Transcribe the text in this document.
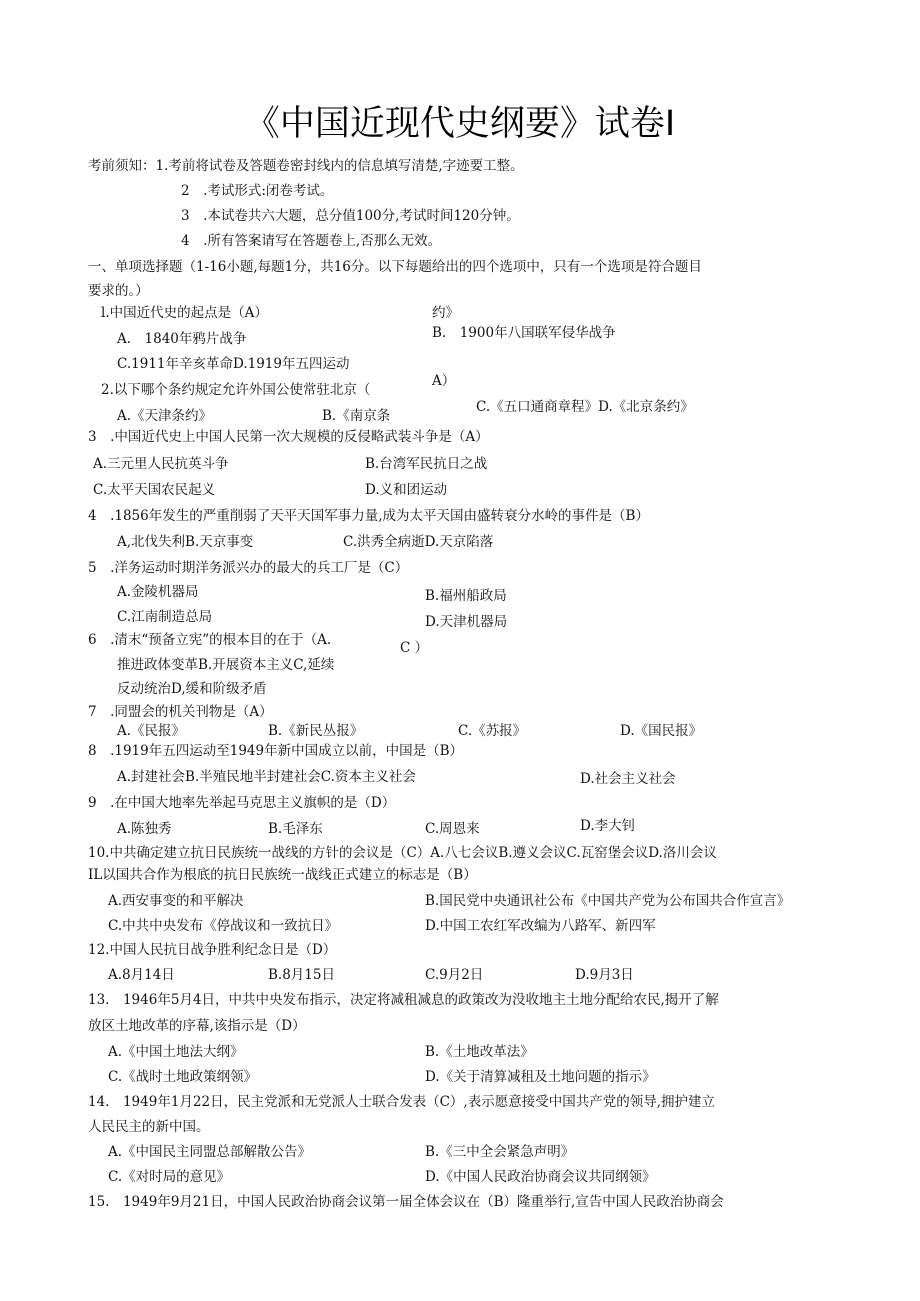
《中国近现代史纲要》试卷Ⅰ
考前须知：1.考前将试卷及答题卷密封线内的信息填写清楚,字迹要工整。
2　.考试形式:闭卷考试。
3　.本试卷共六大题，总分值100分,考试时间120分钟。
4　.所有答案请写在答题卷上,否那么无效。
一、单项选择题（1-16小题,每题1分，共16分。以下每题给出的四个选项中，只有一个选项是符合题目
要求的。）
l.中国近代史的起点是（A）	约》
A.　1840年鸦片战争	B.　1900年八国联军侵华战争
C.1911年辛亥革命D.1919年五四运动
A）
2.以下哪个条约规定允许外国公使常驻北京（
A.《天津条约》	B.《南京条
C.《五口通商章程》D.《北京条约》
3　.中国近代史上中国人民第一次大规模的反侵略武装斗争是（A）
A.三元里人民抗英斗争	B.台湾军民抗日之战
C.太平天国农民起义	D.义和团运动
4　.1856年发生的严重削弱了天平天国军事力量,成为太平天国由盛转衰分水岭的事件是（B）
A,北伐失利B.天京事变	C.洪秀全病逝D.天京陷落
5　.洋务运动时期洋务派兴办的最大的兵工厂是（C）
A.金陵机器局	B.福州船政局
C.江南制造总局	D.天津机器局
6　.清末“预备立宪”的根本目的在于（A.	C ）
推进政体变革B.开展资本主义C,延续
反动统治D,缓和阶级矛盾
7　.同盟会的机关刊物是（A）
A.《民报》	B.《新民丛报》	C.《苏报》	D.《国民报》
8　.1919年五四运动至1949年新中国成立以前，中国是（B）
A.封建社会B.半殖民地半封建社会C.资本主义社会	D.社会主义社会
9　.在中国大地率先举起马克思主义旗帜的是（D）
A.陈独秀	B.毛泽东	C.周恩来	D.李大钊
10.中共确定建立抗日民族统一战线的方针的会议是（C）A.八七会议B.遵义会议C.瓦窑堡会议D.洛川会议
IL以国共合作为根底的抗日民族统一战线正式建立的标志是（B）
A.西安事变的和平解决	B.国民党中央通讯社公布《中国共产党为公布国共合作宣言》
C.中共中央发布《停战议和一致抗日》	D.中国工农红军改编为八路军、新四军
12.中国人民抗日战争胜利纪念日是（D）
A.8月14日	B.8月15日	C.9月2日	D.9月3日
13.　1946年5月4日，中共中央发布指示，决定将减租减息的政策改为没收地主土地分配给农民,揭开了解
放区土地改革的序幕,该指示是（D）
A.《中国土地法大纲》	B.《土地改革法》
C.《战时土地政策纲领》	D.《关于清算减租及土地问题的指示》
14.　1949年1月22日，民主党派和无党派人士联合发表（C）,表示愿意接受中国共产党的领导,拥护建立
人民民主的新中国。
A.《中国民主同盟总部解散公告》	B.《三中全会紧急声明》
C.《对时局的意见》	D.《中国人民政治协商会议共同纲领》
15.　1949年9月21日，中国人民政治协商会议第一届全体会议在（B）隆重举行,宣告中国人民政治协商会
